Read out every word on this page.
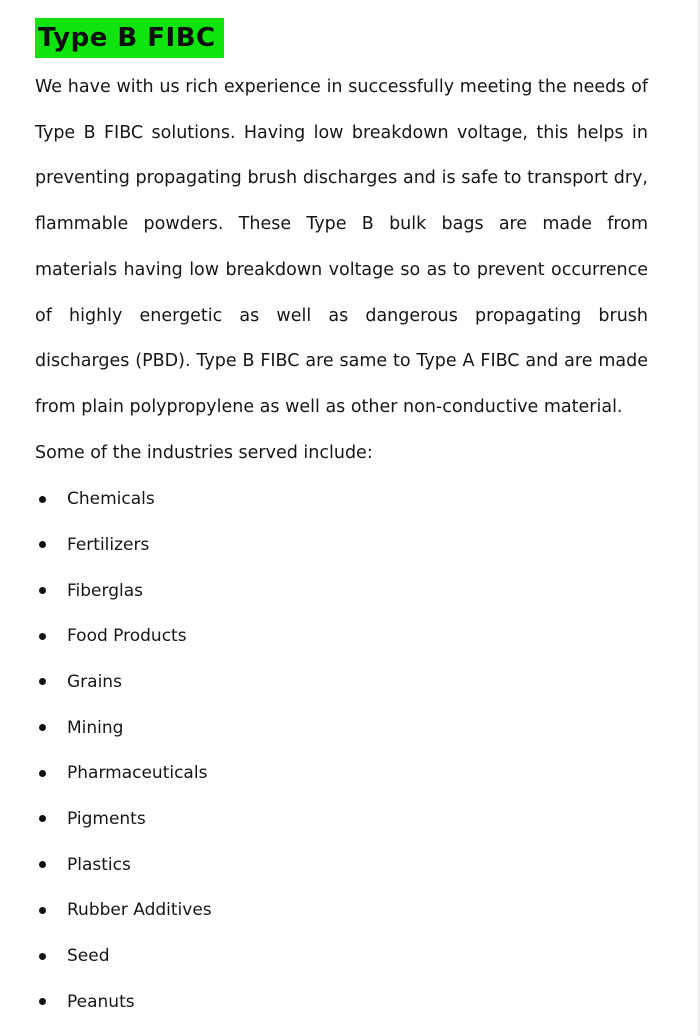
Type B FIBC

We have with us rich experience in successfully meeting the needs of Type B FIBC solutions. Having low breakdown voltage, this helps in preventing propagating brush discharges and is safe to transport dry, flammable powders. These Type B bulk bags are made from materials having low breakdown voltage so as to prevent occurrence of highly energetic as well as dangerous propagating brush discharges (PBD). Type B FIBC are same to Type A FIBC and are made from plain polypropylene as well as other non-conductive material.

Some of the industries served include:

Chemicals
Fertilizers
Fiberglas
Food Products
Grains
Mining
Pharmaceuticals
Pigments
Plastics
Rubber Additives
Seed
Peanuts
